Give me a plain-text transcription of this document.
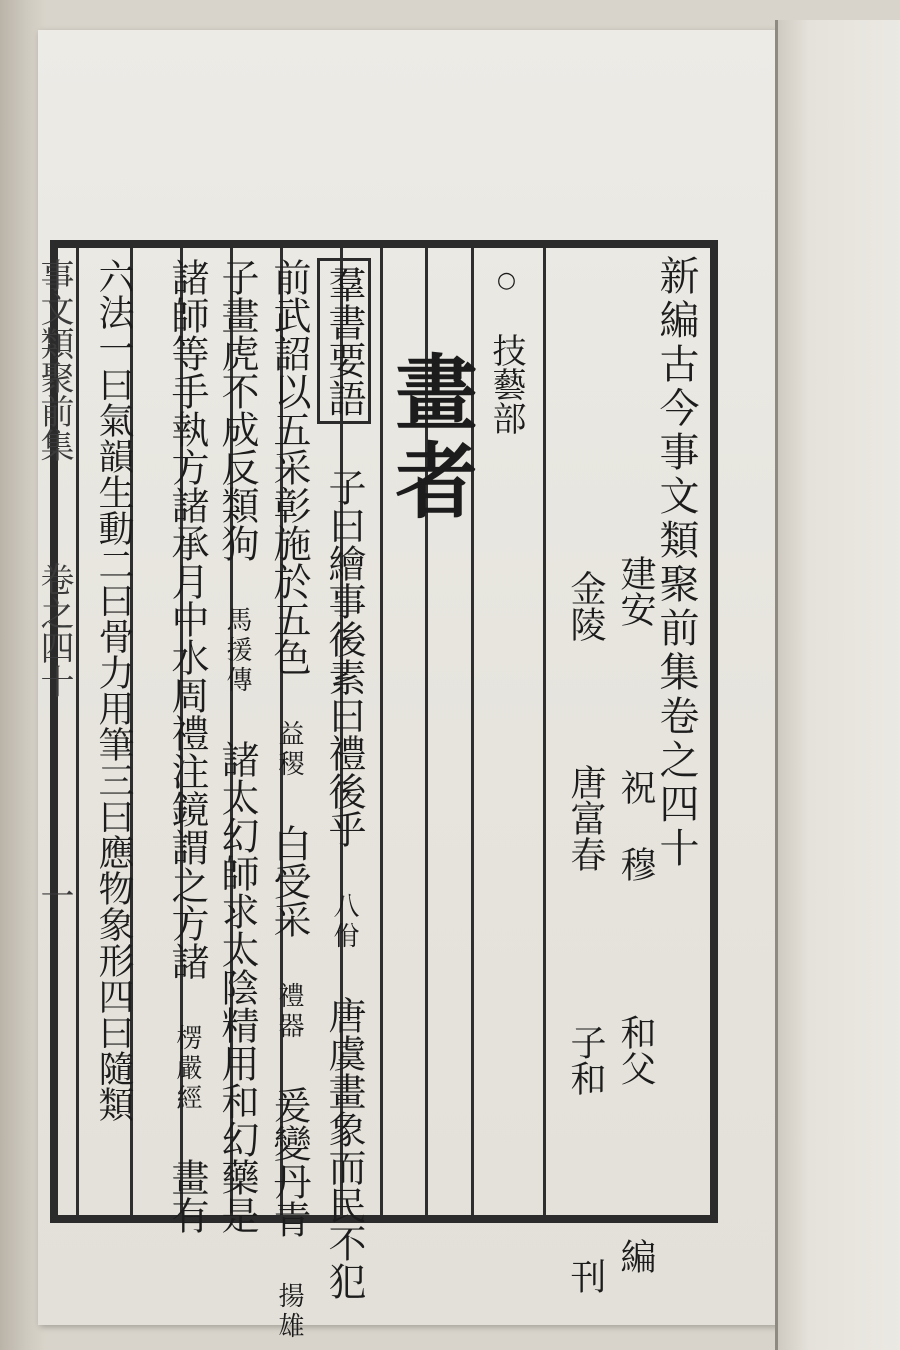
新編古今事文類聚前集卷之四十
建安  祝 穆  和父  編
金陵  唐富春  子和  刊
○ 技藝部
畫者
羣書要語 子曰繪事後素曰禮後乎 八佾 唐虞畫象而民不犯
前武詔以五采彰施於五色 益稷 白受采 禮器 爰變丹青 揚雄
子畫虎不成反類狗 馬援傳 諸太幻師求太陰精用和幻藥是
諸師等手執方諸承月中水周禮注鏡謂之方諸 楞嚴經 畫有
六法一曰氣韻生動二曰骨力用筆三曰應物象形四曰隨類
事文類聚前集  卷之四十  一
